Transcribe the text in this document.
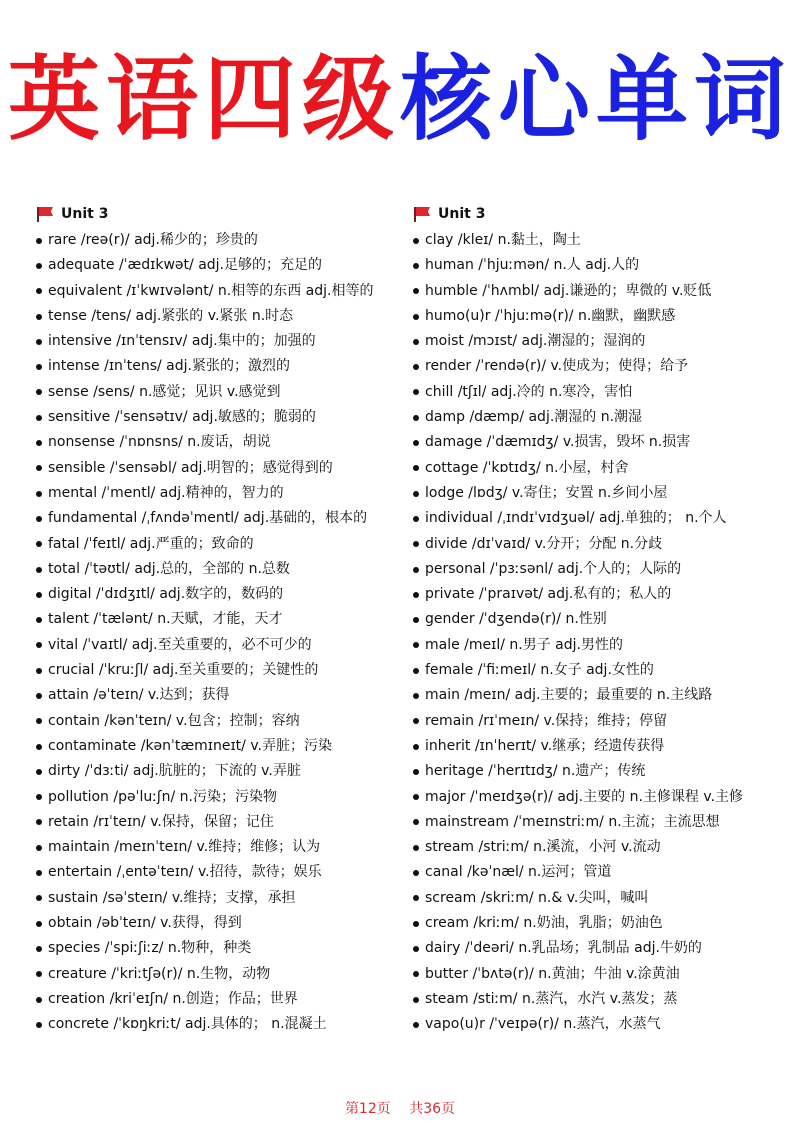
英语四级核心单词
Unit 3
rare /reə(r)/ adj.稀少的；珍贵的
adequate /ˈædɪkwət/ adj.足够的；充足的
equivalent /ɪˈkwɪvələnt/ n.相等的东西 adj.相等的
tense /tens/ adj.紧张的 v.紧张 n.时态
intensive /ɪnˈtensɪv/ adj.集中的；加强的
intense /ɪnˈtens/ adj.紧张的；激烈的
sense /sens/ n.感觉；见识 v.感觉到
sensitive /ˈsensətɪv/ adj.敏感的；脆弱的
nonsense /ˈnɒnsns/ n.废话，胡说
sensible /ˈsensəbl/ adj.明智的；感觉得到的
mental /ˈmentl/ adj.精神的，智力的
fundamental /ˌfʌndəˈmentl/ adj.基础的，根本的
fatal /ˈfeɪtl/ adj.严重的；致命的
total /ˈtəʊtl/ adj.总的，全部的 n.总数
digital /ˈdɪdʒɪtl/ adj.数字的，数码的
talent /ˈtælənt/ n.天赋，才能，天才
vital /ˈvaɪtl/ adj.至关重要的，必不可少的
crucial /ˈkruːʃl/ adj.至关重要的；关键性的
attain /əˈteɪn/ v.达到；获得
contain /kənˈteɪn/ v.包含；控制；容纳
contaminate /kənˈtæmɪneɪt/ v.弄脏；污染
dirty /ˈdɜːti/ adj.肮脏的；下流的 v.弄脏
pollution /pəˈluːʃn/ n.污染；污染物
retain /rɪˈteɪn/ v.保持，保留；记住
maintain /meɪnˈteɪn/ v.维持；维修；认为
entertain /ˌentəˈteɪn/ v.招待，款待；娱乐
sustain /səˈsteɪn/ v.维持；支撑，承担
obtain /əbˈteɪn/ v.获得，得到
species /ˈspiːʃiːz/ n.物种，种类
creature /ˈkriːtʃə(r)/ n.生物，动物
creation /kriˈeɪʃn/ n.创造；作品；世界
concrete /ˈkɒŋkriːt/ adj.具体的； n.混凝土
Unit 3
clay /kleɪ/ n.黏土，陶土
human /ˈhjuːmən/ n.人 adj.人的
humble /ˈhʌmbl/ adj.谦逊的；卑微的 v.贬低
humo(u)r /ˈhjuːmə(r)/ n.幽默，幽默感
moist /mɔɪst/ adj.潮湿的；湿润的
render /ˈrendə(r)/ v.使成为；使得；给予
chill /tʃɪl/ adj.冷的 n.寒冷，害怕
damp /dæmp/ adj.潮湿的 n.潮湿
damage /ˈdæmɪdʒ/ v.损害，毁坏 n.损害
cottage /ˈkɒtɪdʒ/ n.小屋，村舍
lodge /lɒdʒ/ v.寄住；安置 n.乡间小屋
individual /ˌɪndɪˈvɪdʒuəl/ adj.单独的； n.个人
divide /dɪˈvaɪd/ v.分开；分配 n.分歧
personal /ˈpɜːsənl/ adj.个人的；人际的
private /ˈpraɪvət/ adj.私有的；私人的
gender /ˈdʒendə(r)/ n.性别
male /meɪl/ n.男子 adj.男性的
female /ˈfiːmeɪl/ n.女子 adj.女性的
main /meɪn/ adj.主要的；最重要的 n.主线路
remain /rɪˈmeɪn/ v.保持；维持；停留
inherit /ɪnˈherɪt/ v.继承；经遗传获得
heritage /ˈherɪtɪdʒ/ n.遗产；传统
major /ˈmeɪdʒə(r)/ adj.主要的 n.主修课程 v.主修
mainstream /ˈmeɪnstriːm/ n.主流；主流思想
stream /striːm/ n.溪流，小河 v.流动
canal /kəˈnæl/ n.运河；管道
scream /skriːm/ n.& v.尖叫，喊叫
cream /kriːm/ n.奶油，乳脂；奶油色
dairy /ˈdeəri/ n.乳品场；乳制品 adj.牛奶的
butter /ˈbʌtə(r)/ n.黄油；牛油 v.涂黄油
steam /stiːm/ n.蒸汽，水汽 v.蒸发；蒸
vapo(u)r /ˈveɪpə(r)/ n.蒸汽，水蒸气
第12页 共36页
